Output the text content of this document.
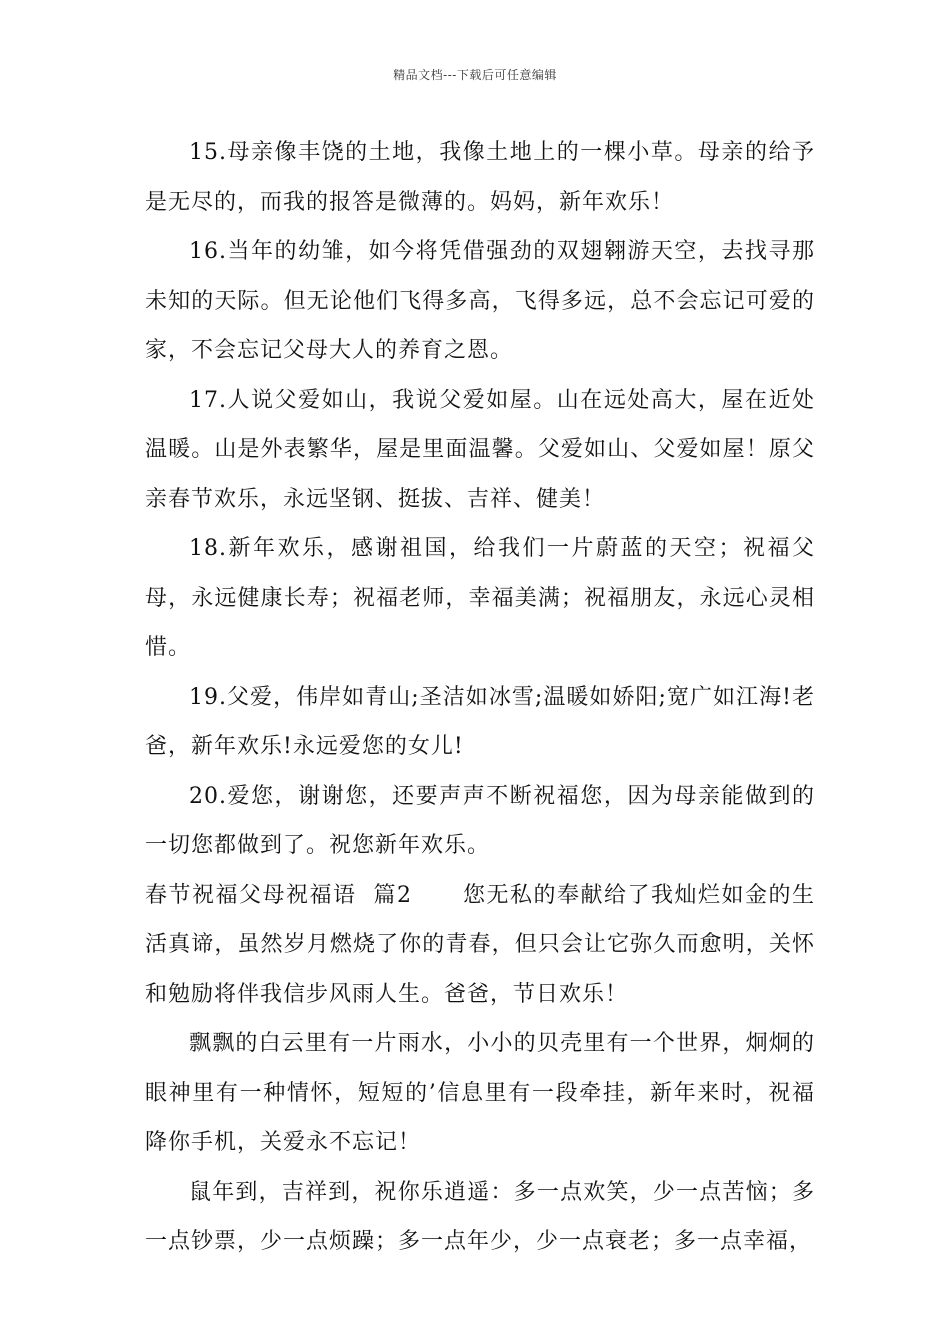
精品文档---下载后可任意编辑

15.母亲像丰饶的土地，我像土地上的一棵小草。母亲的给予是无尽的，而我的报答是微薄的。妈妈，新年欢乐！

16.当年的幼雏，如今将凭借强劲的双翅翱游天空，去找寻那未知的天际。但无论他们飞得多高，飞得多远，总不会忘记可爱的家，不会忘记父母大人的养育之恩。

17.人说父爱如山，我说父爱如屋。山在远处高大，屋在近处温暖。山是外表繁华，屋是里面温馨。父爱如山、父爱如屋！原父亲春节欢乐，永远坚钢、挺拔、吉祥、健美！

18.新年欢乐，感谢祖国，给我们一片蔚蓝的天空；祝福父母，永远健康长寿；祝福老师，幸福美满；祝福朋友，永远心灵相惜。

19.父爱，伟岸如青山;圣洁如冰雪;温暖如娇阳;宽广如江海!老爸，新年欢乐!永远爱您的女儿!

20.爱您，谢谢您，还要声声不断祝福您，因为母亲能做到的一切您都做到了。祝您新年欢乐。

春节祝福父母祝福语  篇2      您无私的奉献给了我灿烂如金的生活真谛，虽然岁月燃烧了你的青春，但只会让它弥久而愈明，关怀和勉励将伴我信步风雨人生。爸爸，节日欢乐！

飘飘的白云里有一片雨水，小小的贝壳里有一个世界，炯炯的眼神里有一种情怀，短短的’信息里有一段牵挂，新年来时，祝福降你手机，关爱永不忘记！

鼠年到，吉祥到，祝你乐逍遥：多一点欢笑，少一点苦恼；多一点钞票，少一点烦躁；多一点年少，少一点衰老；多一点幸福，
